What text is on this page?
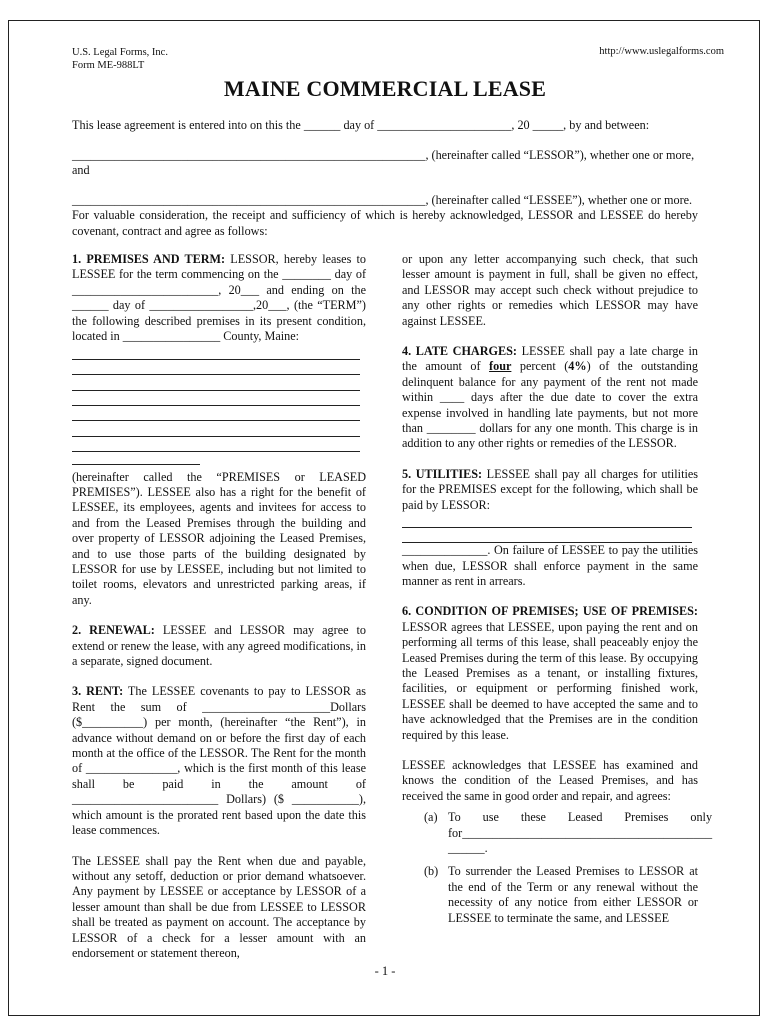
U.S. Legal Forms, Inc.
Form ME-988LT
http://www.uslegalforms.com
MAINE COMMERCIAL LEASE

This lease agreement is entered into on this the ______ day of ______________________, 20 _____, by and between:

__________________________________________________________, (hereinafter called “LESSOR”), whether one or more,

and

__________________________________________________________, (hereinafter called “LESSEE”), whether one or more.

For valuable consideration, the receipt and sufficiency of which is hereby acknowledged, LESSOR and LESSEE do hereby covenant, contract and agree as follows:

1. PREMISES AND TERM: LESSOR, hereby leases to LESSEE for the term commencing on the ________ day of ________________________, 20___ and ending on the ______ day of _________________,20___, (the “TERM”) the following described premises in its present condition, located in ________________ County, Maine:

(hereinafter called the “PREMISES or LEASED PREMISES”). LESSEE also has a right for the benefit of LESSEE, its employees, agents and invitees for access to and from the Leased Premises through the building and over property of LESSOR adjoining the Leased Premises, and to use those parts of the building designated by LESSOR for use by LESSEE, including but not limited to toilet rooms, elevators and unrestricted parking areas, if any.

2. RENEWAL: LESSEE and LESSOR may agree to extend or renew the lease, with any agreed modifications, in a separate, signed document.

3. RENT: The LESSEE covenants to pay to LESSOR as Rent the sum of _____________________Dollars ($__________) per month, (hereinafter “the Rent”), in advance without demand on or before the first day of each month at the office of the LESSOR. The Rent for the month of _______________, which is the first month of this lease shall be paid in the amount of ________________________ Dollars) ($ ___________), which amount is the prorated rent based upon the date this lease commences.

The LESSEE shall pay the Rent when due and payable, without any setoff, deduction or prior demand whatsoever. Any payment by LESSEE or acceptance by LESSOR of a lesser amount than shall be due from LESSEE to LESSOR shall be treated as payment on account. The acceptance by LESSOR of a check for a lesser amount with an endorsement or statement thereon,

or upon any letter accompanying such check, that such lesser amount is payment in full, shall be given no effect, and LESSOR may accept such check without prejudice to any other rights or remedies which LESSOR may have against LESSEE.

4. LATE CHARGES: LESSEE shall pay a late charge in the amount of four percent (4%) of the outstanding delinquent balance for any payment of the rent not made within ____ days after the due date to cover the extra expense involved in handling late payments, but not more than ________ dollars for any one month. This charge is in addition to any other rights or remedies of the LESSOR.

5. UTILITIES: LESSEE shall pay all charges for utilities for the PREMISES except for the following, which shall be paid by LESSOR:

______________. On failure of LESSEE to pay the utilities when due, LESSOR shall enforce payment in the same manner as rent in arrears.

6. CONDITION OF PREMISES; USE OF PREMISES: LESSOR agrees that LESSEE, upon paying the rent and on performing all terms of this lease, shall peaceably enjoy the Leased Premises during the term of this lease. By occupying the Leased Premises as a tenant, or installing fixtures, facilities, or equipment or performing finished work, LESSEE shall be deemed to have accepted the same and to have acknowledged that the Premises are in the condition required by this lease.

LESSEE acknowledges that LESSEE has examined and knows the condition of the Leased Premises, and has received the same in good order and repair, and agrees:

(a) To use these Leased Premises only for_________________________________________ ______.
(b) To surrender the Leased Premises to LESSOR at the end of the Term or any renewal without the necessity of any notice from either LESSOR or LESSEE to terminate the same, and LESSEE
- 1 -
